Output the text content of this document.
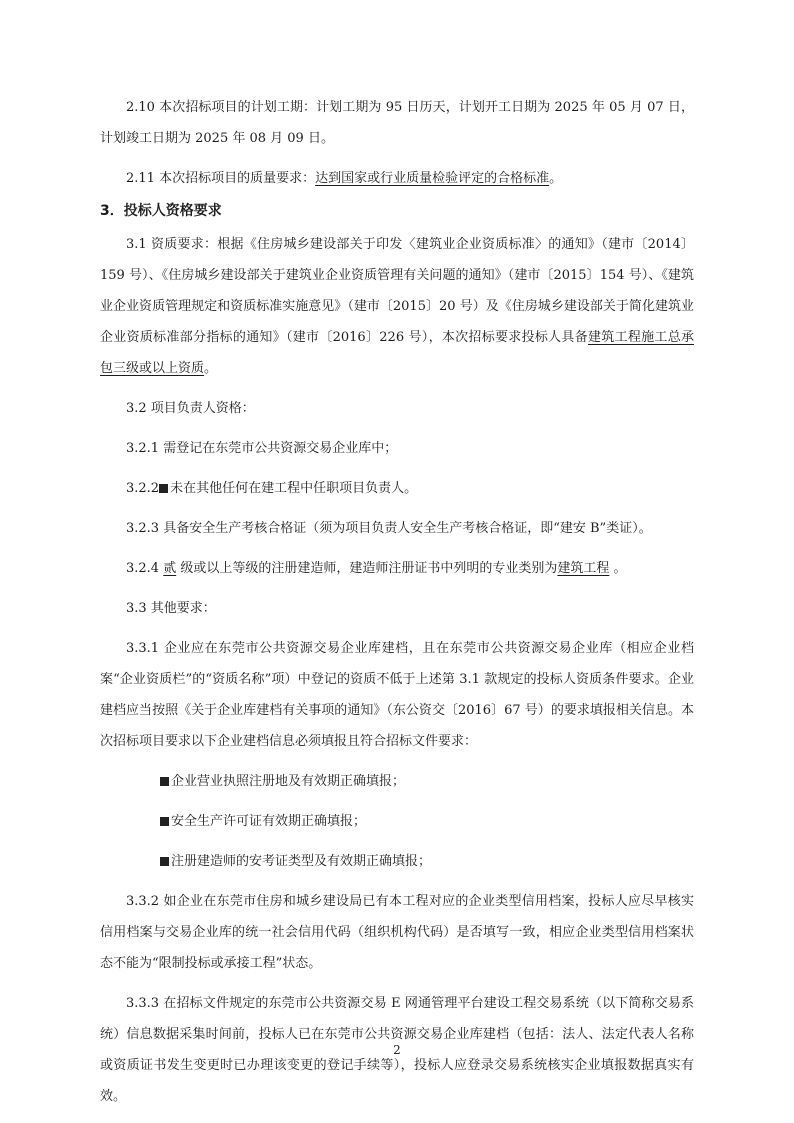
2.10 本次招标项目的计划工期：计划工期为 95 日历天，计划开工日期为 2025 年 05 月 07 日，计划竣工日期为 2025 年 08 月 09 日。

2.11 本次招标项目的质量要求：达到国家或行业质量检验评定的合格标准。

3．投标人资格要求

3.1 资质要求：根据《住房城乡建设部关于印发〈建筑业企业资质标准〉的通知》（建市〔2014〕159 号）、《住房城乡建设部关于建筑业企业资质管理有关问题的通知》（建市〔2015〕154 号）、《建筑业企业资质管理规定和资质标准实施意见》（建市〔2015〕20 号）及《住房城乡建设部关于简化建筑业企业资质标准部分指标的通知》（建市〔2016〕226 号），本次招标要求投标人具备建筑工程施工总承包三级或以上资质。

3.2 项目负责人资格：

3.2.1 需登记在东莞市公共资源交易企业库中；

3.2.2 未在其他任何在建工程中任职项目负责人。

3.2.3 具备安全生产考核合格证（须为项目负责人安全生产考核合格证，即“建安 B”类证）。

3.2.4 贰 级或以上等级的注册建造师，建造师注册证书中列明的专业类别为建筑工程 。

3.3 其他要求：

3.3.1 企业应在东莞市公共资源交易企业库建档，且在东莞市公共资源交易企业库（相应企业档案“企业资质栏”的“资质名称”项）中登记的资质不低于上述第 3.1 款规定的投标人资质条件要求。企业建档应当按照《关于企业库建档有关事项的通知》（东公资交〔2016〕67 号）的要求填报相关信息。本次招标项目要求以下企业建档信息必须填报且符合招标文件要求：

企业营业执照注册地及有效期正确填报；

安全生产许可证有效期正确填报；

注册建造师的安考证类型及有效期正确填报；

3.3.2 如企业在东莞市住房和城乡建设局已有本工程对应的企业类型信用档案，投标人应尽早核实信用档案与交易企业库的统一社会信用代码（组织机构代码）是否填写一致，相应企业类型信用档案状态不能为“限制投标或承接工程”状态。

3.3.3 在招标文件规定的东莞市公共资源交易 E 网通管理平台建设工程交易系统（以下简称交易系统）信息数据采集时间前，投标人已在东莞市公共资源交易企业库建档（包括：法人、法定代表人名称或资质证书发生变更时已办理该变更的登记手续等），投标人应登录交易系统核实企业填报数据真实有效。

2
